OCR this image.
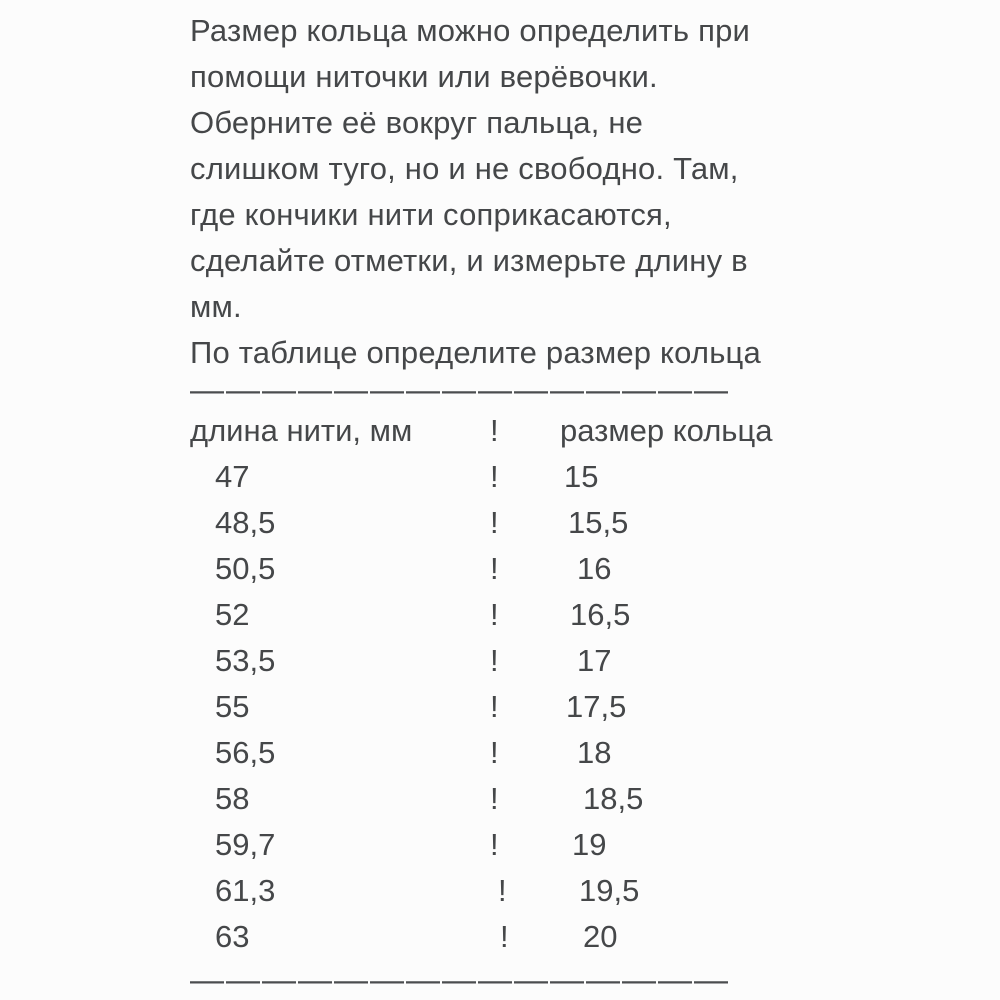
Размер кольца можно определить при
помощи ниточки или верёвочки.
Оберните её вокруг пальца, не
слишком туго, но и не свободно. Там,
где кончики нити соприкасаются,
сделайте отметки, и измерьте длину в
мм.
По таблице определите размер кольца
———————————————
длина нити, мм	!	размер кольца
47	!	15
48,5	!	15,5
50,5	!	16
52	!	16,5
53,5	!	17
55	!	17,5
56,5	!	18
58	!	18,5
59,7	!	19
61,3	!	19,5
63	!	20
———————————————
